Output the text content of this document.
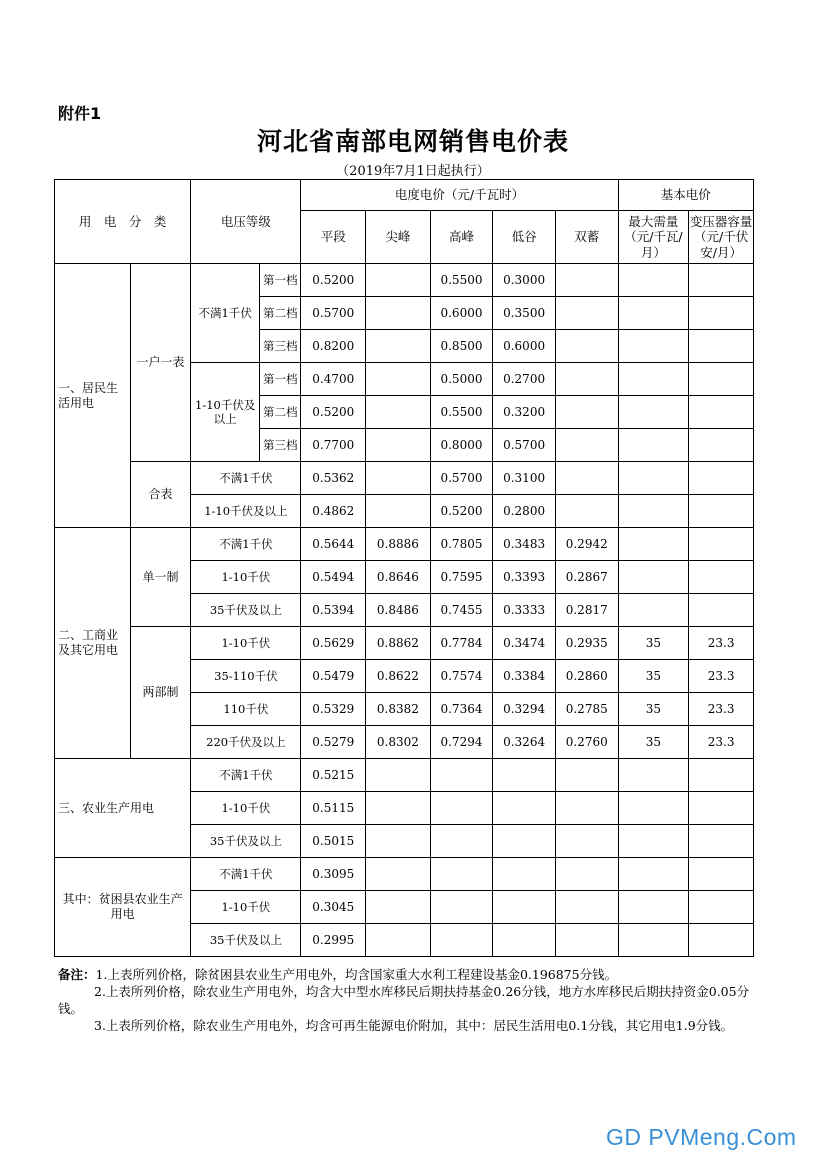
附件1
河北省南部电网销售电价表
（2019年7月1日起执行）
用　电　分　类		电压等级		电度电价（元/千瓦时）					基本电价	
				平段	尖峰	高峰	低谷	双蓄	最大需量（元/千瓦/月）	变压器容量（元/千伏安/月）
一、居民生活用电	一户一表	不满1千伏	第一档	0.5200		0.5500	0.3000			
			第二档	0.5700		0.6000	0.3500			
			第三档	0.8200		0.8500	0.6000			
		1-10千伏及以上	第一档	0.4700		0.5000	0.2700			
			第二档	0.5200		0.5500	0.3200			
			第三档	0.7700		0.8000	0.5700			
	合表	不满1千伏		0.5362		0.5700	0.3100			
		1-10千伏及以上		0.4862		0.5200	0.2800			
二、工商业及其它用电	单一制	不满1千伏		0.5644	0.8886	0.7805	0.3483	0.2942		
		1-10千伏		0.5494	0.8646	0.7595	0.3393	0.2867		
		35千伏及以上		0.5394	0.8486	0.7455	0.3333	0.2817		
	两部制	1-10千伏		0.5629	0.8862	0.7784	0.3474	0.2935	35	23.3
		35-110千伏		0.5479	0.8622	0.7574	0.3384	0.2860	35	23.3
		110千伏		0.5329	0.8382	0.7364	0.3294	0.2785	35	23.3
		220千伏及以上		0.5279	0.8302	0.7294	0.3264	0.2760	35	23.3
三、农业生产用电		不满1千伏		0.5215						
		1-10千伏		0.5115						
		35千伏及以上		0.5015						
其中：贫困县农业生产用电		不满1千伏		0.3095						
		1-10千伏		0.3045						
		35千伏及以上		0.2995						

备注：1.上表所列价格，除贫困县农业生产用电外，均含国家重大水利工程建设基金0.196875分钱。

2.上表所列价格，除农业生产用电外，均含大中型水库移民后期扶持基金0.26分钱，地方水库移民后期扶持资金0.05分钱。

3.上表所列价格，除农业生产用电外，均含可再生能源电价附加，其中：居民生活用电0.1分钱，其它用电1.9分钱。

GD PVMeng.Com
